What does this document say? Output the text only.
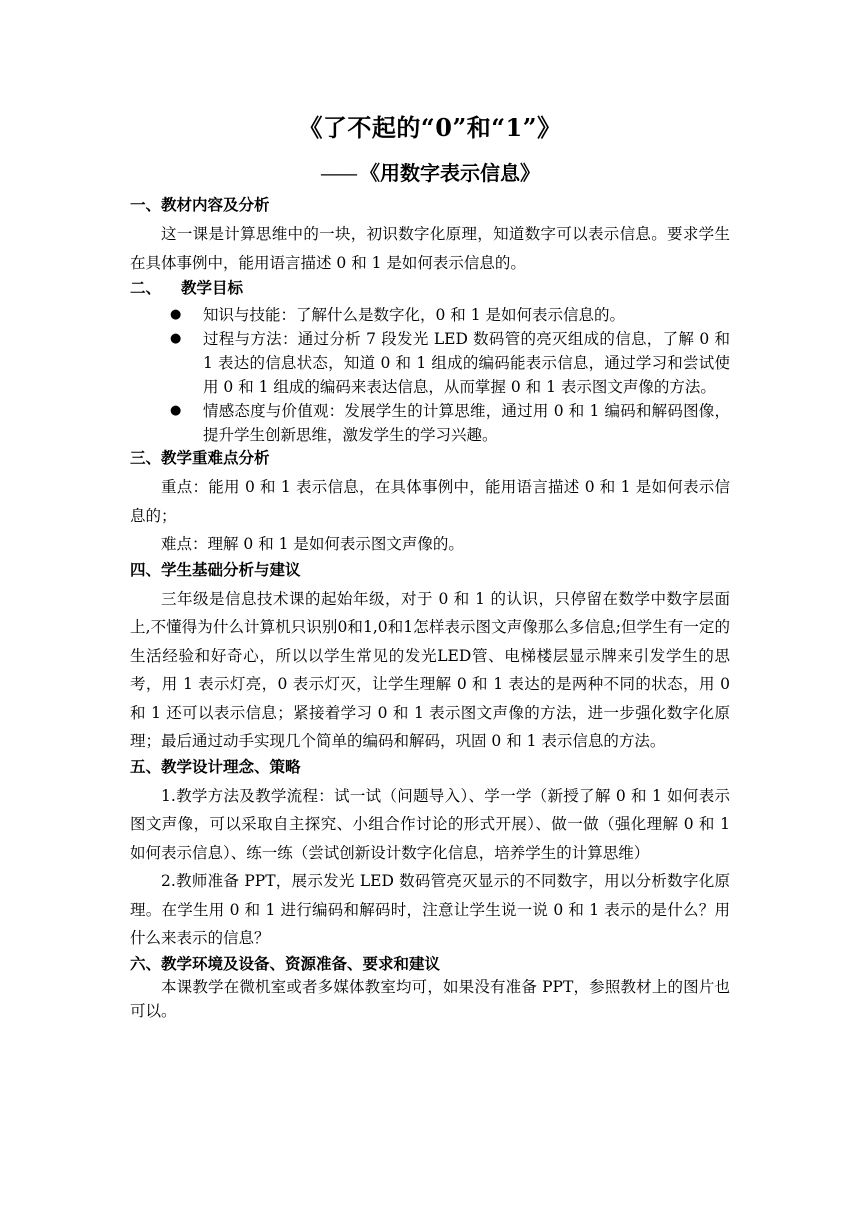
《了不起的“0”和“1”》
—— 《用数字表示信息》

一、教材内容及分析

这一课是计算思维中的一块，初识数字化原理，知道数字可以表示信息。要求学生在具体事例中，能用语言描述 0 和 1 是如何表示信息的。

二、 教学目标

● 知识与技能：了解什么是数字化，0 和 1 是如何表示信息的。
● 过程与方法：通过分析 7 段发光 LED 数码管的亮灭组成的信息，了解 0 和 1 表达的信息状态，知道 0 和 1 组成的编码能表示信息，通过学习和尝试使用 0 和 1 组成的编码来表达信息，从而掌握 0 和 1 表示图文声像的方法。
● 情感态度与价值观：发展学生的计算思维，通过用 0 和 1 编码和解码图像，提升学生创新思维，激发学生的学习兴趣。

三、教学重难点分析

重点：能用 0 和 1 表示信息，在具体事例中，能用语言描述 0 和 1 是如何表示信息的；

难点：理解 0 和 1 是如何表示图文声像的。

四、学生基础分析与建议

三年级是信息技术课的起始年级，对于 0 和 1 的认识，只停留在数学中数字层面上,不懂得为什么计算机只识别0和1,0和1怎样表示图文声像那么多信息;但学生有一定的生活经验和好奇心，所以以学生常见的发光LED管、电梯楼层显示牌来引发学生的思考，用 1 表示灯亮，0 表示灯灭，让学生理解 0 和 1 表达的是两种不同的状态，用 0 和 1 还可以表示信息；紧接着学习 0 和 1 表示图文声像的方法，进一步强化数字化原理；最后通过动手实现几个简单的编码和解码，巩固 0 和 1 表示信息的方法。

五、教学设计理念、策略

1.教学方法及教学流程：试一试（问题导入）、学一学（新授了解 0 和 1 如何表示图文声像，可以采取自主探究、小组合作讨论的形式开展）、做一做（强化理解 0 和 1 如何表示信息）、练一练（尝试创新设计数字化信息，培养学生的计算思维）

2.教师准备 PPT，展示发光 LED 数码管亮灭显示的不同数字，用以分析数字化原理。在学生用 0 和 1 进行编码和解码时，注意让学生说一说 0 和 1 表示的是什么？用什么来表示的信息？

六、教学环境及设备、资源准备、要求和建议

本课教学在微机室或者多媒体教室均可，如果没有准备 PPT，参照教材上的图片也可以。
